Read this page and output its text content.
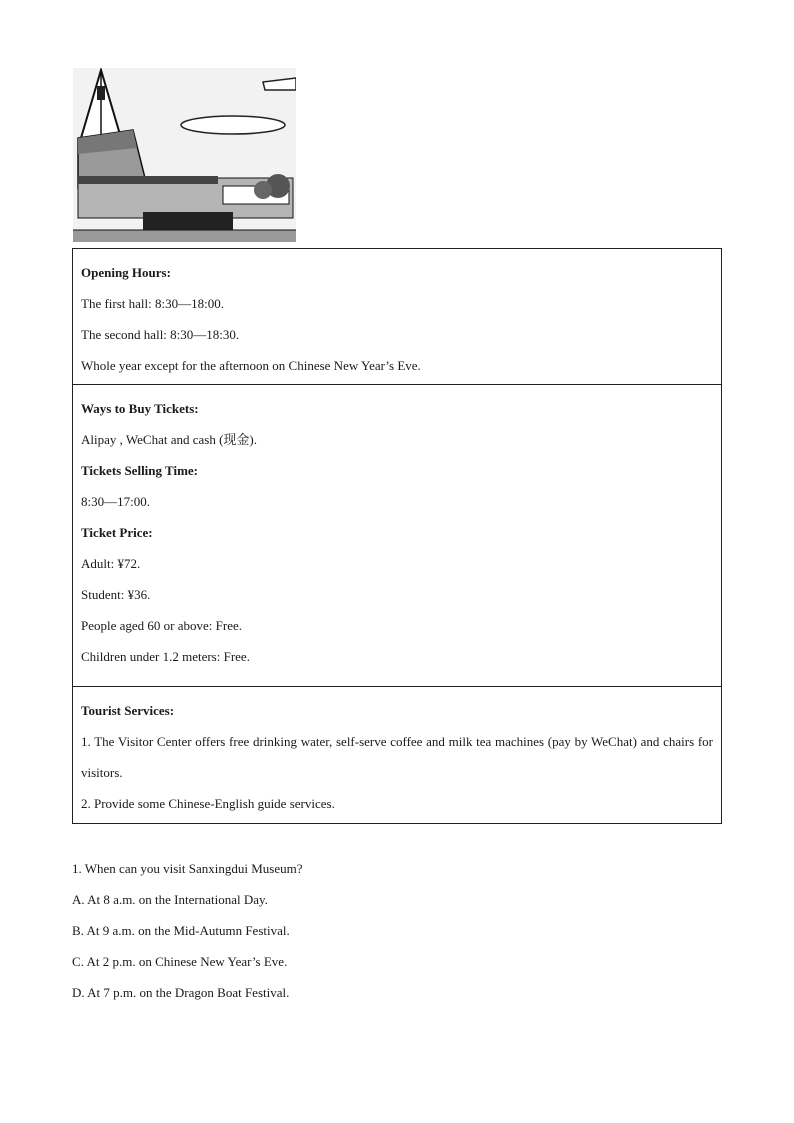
Opening Hours:
The first hall: 8:30—18:00.
The second hall: 8:30—18:30.
Whole year except for the afternoon on Chinese New Year’s Eve.
Ways to Buy Tickets:
Alipay , WeChat and cash (现金).
Tickets Selling Time:
8:30—17:00.
Ticket Price:
Adult: ¥72.
Student: ¥36.
People aged 60 or above: Free.
Children under 1.2 meters: Free.
Tourist Services:
1. The Visitor Center offers free drinking water, self-serve coffee and milk tea machines (pay by WeChat) and chairs for visitors.
2. Provide some Chinese-English guide services.
1. When can you visit Sanxingdui Museum?
A. At 8 a.m. on the International Day.
B. At 9 a.m. on the Mid-Autumn Festival.
C. At 2 p.m. on Chinese New Year’s Eve.
D. At 7 p.m. on the Dragon Boat Festival.
